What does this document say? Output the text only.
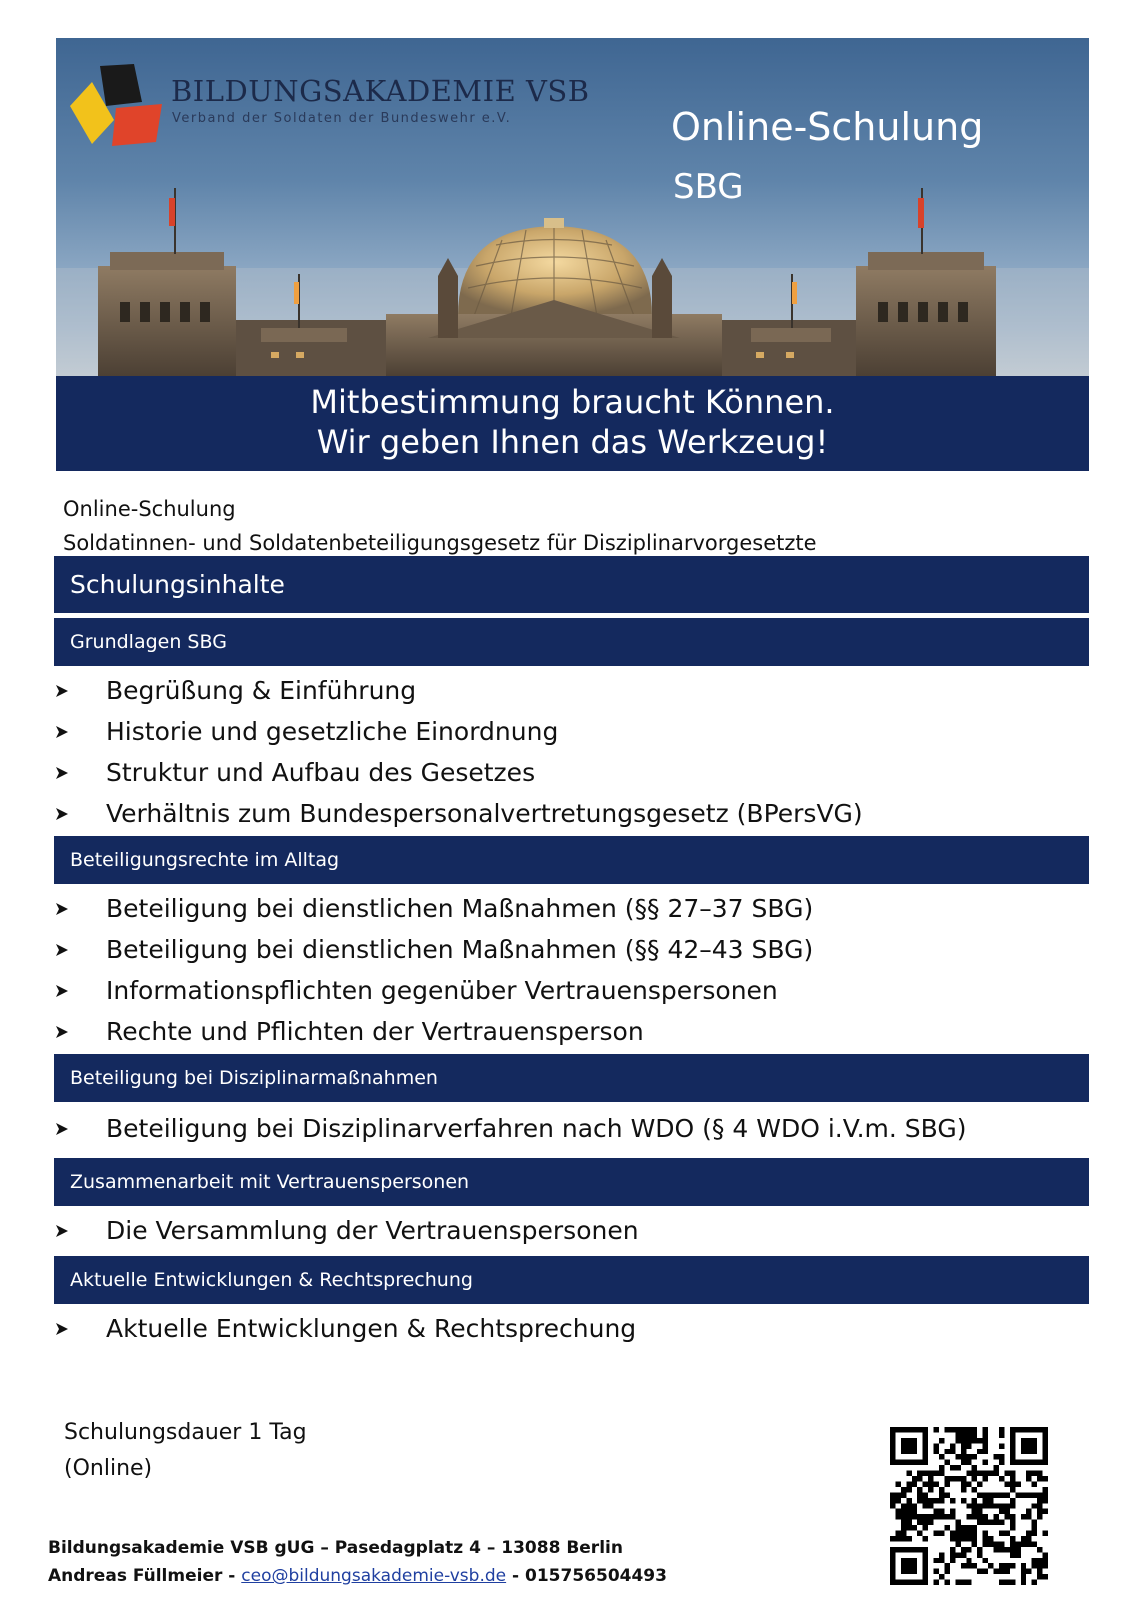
BILDUNGSAKADEMIE VSB
Verband der Soldaten der Bundeswehr e.V.	Online-Schulung
SBG
Mitbestimmung braucht Können.
Wir geben Ihnen das Werkzeug!
Online-Schulung
Soldatinnen- und Soldatenbeteiligungsgesetz für Disziplinarvorgesetzte
Schulungsinhalte
Grundlagen SBG
Begrüßung & Einführung
Historie und gesetzliche Einordnung
Struktur und Aufbau des Gesetzes
Verhältnis zum Bundespersonalvertretungsgesetz (BPersVG)
Beteiligungsrechte im Alltag
Beteiligung bei dienstlichen Maßnahmen (§§ 27–37 SBG)
Beteiligung bei dienstlichen Maßnahmen (§§ 42–43 SBG)
Informationspflichten gegenüber Vertrauenspersonen
Rechte und Pflichten der Vertrauensperson
Beteiligung bei Disziplinarmaßnahmen
Beteiligung bei Disziplinarverfahren nach WDO (§ 4 WDO i.V.m. SBG)
Zusammenarbeit mit Vertrauenspersonen
Die Versammlung der Vertrauenspersonen
Aktuelle Entwicklungen & Rechtsprechung
Aktuelle Entwicklungen & Rechtsprechung
Schulungsdauer 1 Tag
(Online)
Bildungsakademie VSB gUG – Pasedagplatz 4 – 13088 Berlin
Andreas Füllmeier - ceo@bildungsakademie-vsb.de - 015756504493
